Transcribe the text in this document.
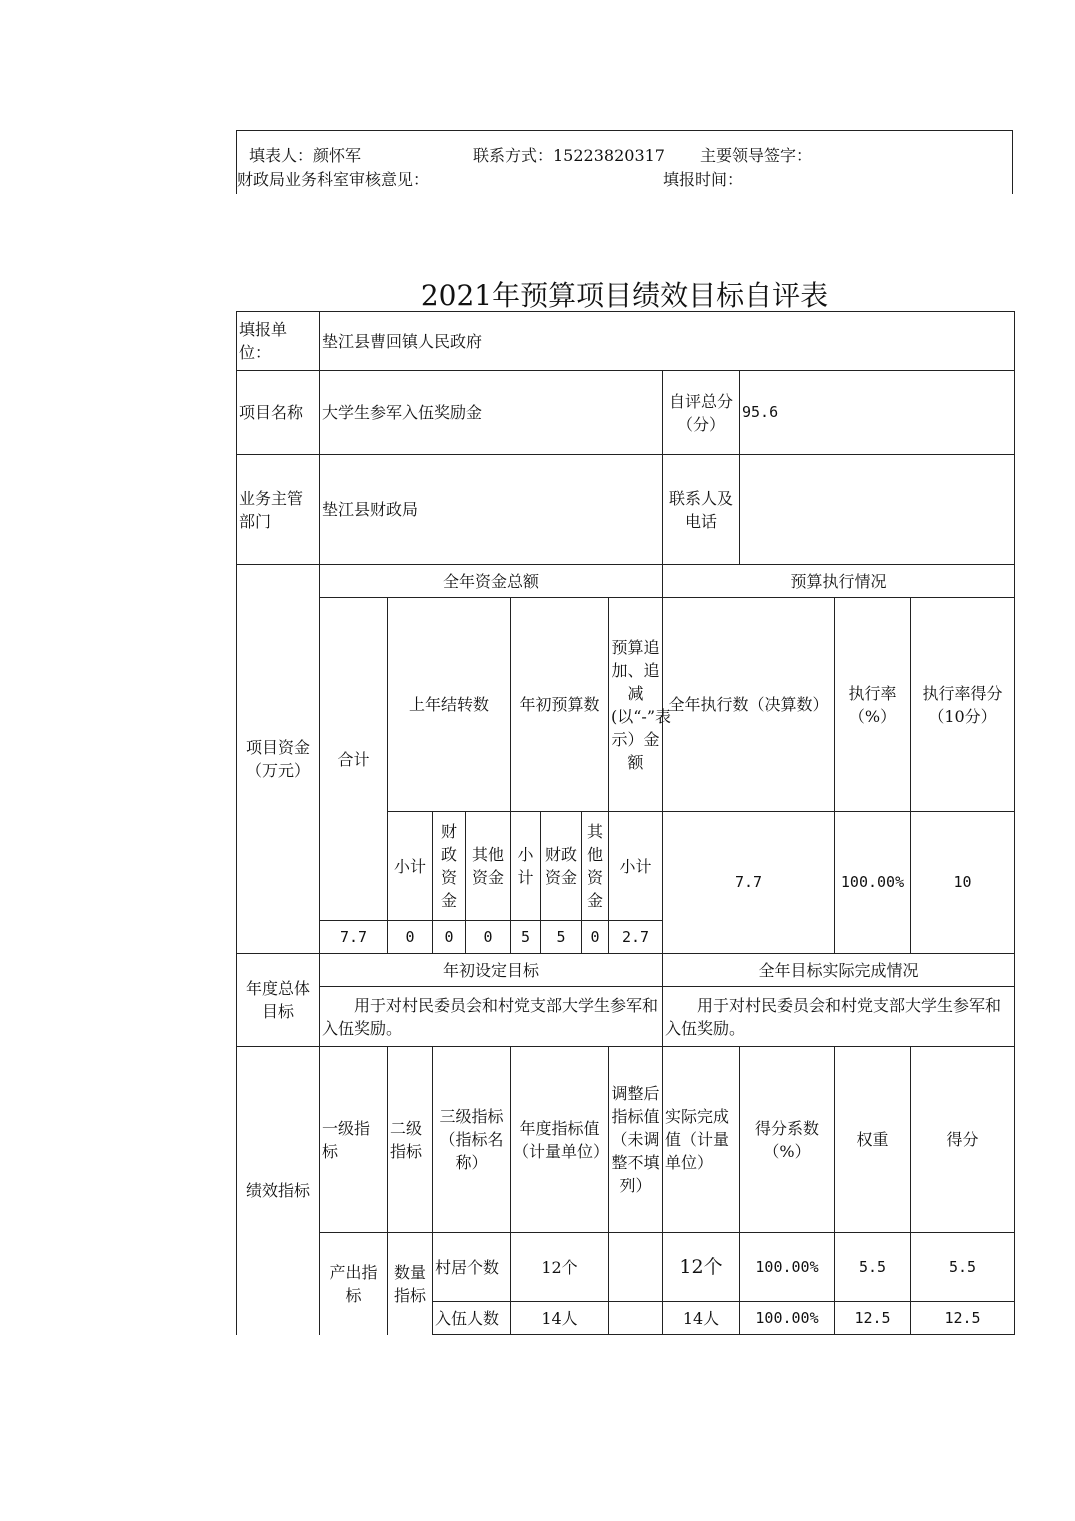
填表人：颜怀军	联系方式：15223820317 主要领导签字：
财政局业务科室审核意见：	填报时间：
2021年预算项目绩效目标自评表
填报单位：	垫江县曹回镇人民政府											
项目名称	大学生参军入伍奖励金								自评总分（分）	95.6		
业务主管部门	垫江县财政局								联系人及电话			
项目资金（万元）	全年资金总额								预算执行情况			
	合计	上年结转数			年初预算数			预算追加、追减(以“-”表示）金额	全年执行数（决算数）		执行率（%）	执行率得分（10分）
		小计	财政资金	其他资金	小计	财政资金	其他资金	小计	7.7		100.00%	10
	7.7	0	0	0	5	5	0	2.7				
年度总体目标	年初设定目标								全年目标实际完成情况			
	用于对村民委员会和村党支部大学生参军和入伍奖励。								用于对村民委员会和村党支部大学生参军和入伍奖励。			
绩效指标	一级指标	二级指标	三级指标（指标名称）		年度指标值（计量单位）			调整后指标值（未调整不填列）	实际完成值（计量单位）	得分系数（%）	权重	得分
	产出指标	数量指标	村居个数		12个				12个	100.00%	5.5	5.5
			入伍人数		14人				14人	100.00%	12.5	12.5
